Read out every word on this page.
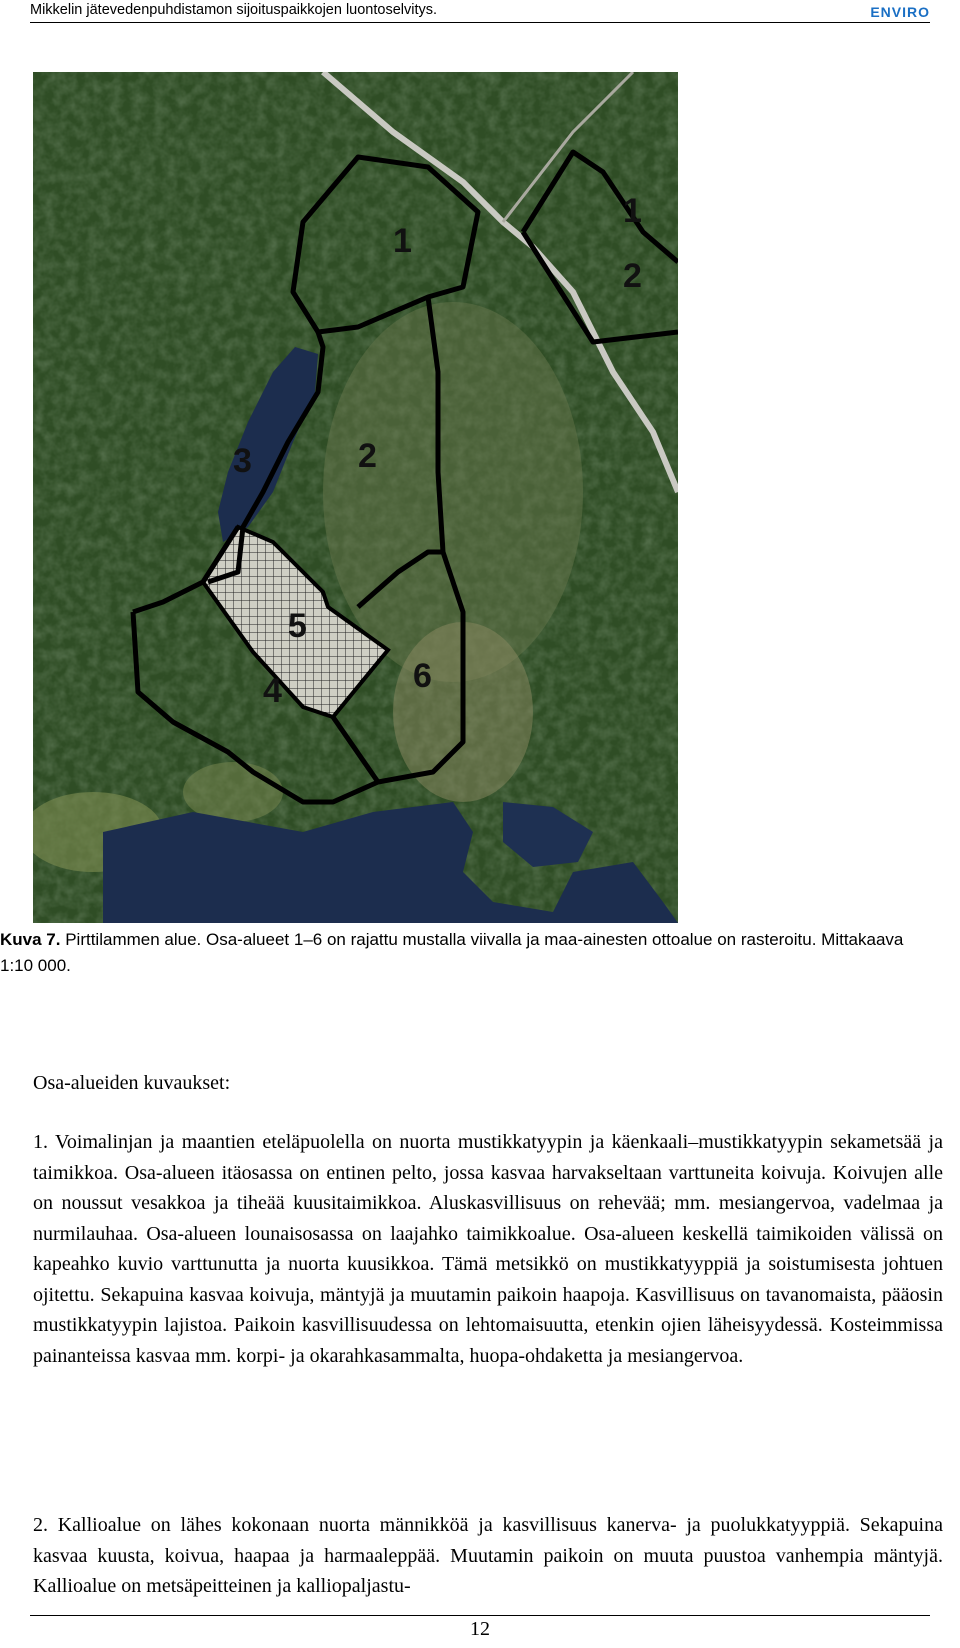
Mikkelin jätevedenpuhdistamon sijoituspaikkojen luontoselvitys.	ENVIRO
1
2
3
4
5
6
1
2
Kuva 7. Pirttilammen alue. Osa-alueet 1–6 on rajattu mustalla viivalla ja maa-ainesten ottoalue on rasteroitu. Mittakaava 1:10 000.
Osa-alueiden kuvaukset:

1. Voimalinjan ja maantien eteläpuolella on nuorta mustikkatyypin ja käenkaali–mustikkatyypin sekametsää ja taimikkoa. Osa-alueen itäosassa on entinen pelto, jossa kasvaa harvakseltaan varttuneita koivuja. Koivujen alle on noussut vesakkoa ja tiheää kuusitaimikkoa. Aluskasvillisuus on rehevää; mm. mesiangervoa, vadelmaa ja nurmilauhaa. Osa-alueen lounaisosassa on laajahko taimikkoalue. Osa-alueen keskellä taimikoiden välissä on kapeahko kuvio varttunutta ja nuorta kuusikkoa. Tämä metsikkö on mustikkatyyppiä ja soistumisesta johtuen ojitettu. Sekapuina kasvaa koivuja, mäntyjä ja muutamin paikoin haapoja. Kasvillisuus on tavanomaista, pääosin mustikkatyypin lajistoa. Paikoin kasvillisuudessa on lehtomaisuutta, etenkin ojien läheisyydessä. Kosteimmissa painanteissa kasvaa mm. korpi- ja okarahkasammalta, huopa-ohdaketta ja mesiangervoa.

2. Kallioalue on lähes kokonaan nuorta männikköä ja kasvillisuus kanerva- ja puolukkatyyppiä. Sekapuina kasvaa kuusta, koivua, haapaa ja harmaaleppää. Muutamin paikoin on muuta puustoa vanhempia mäntyjä. Kallioalue on metsäpeitteinen ja kalliopaljastu-

12
